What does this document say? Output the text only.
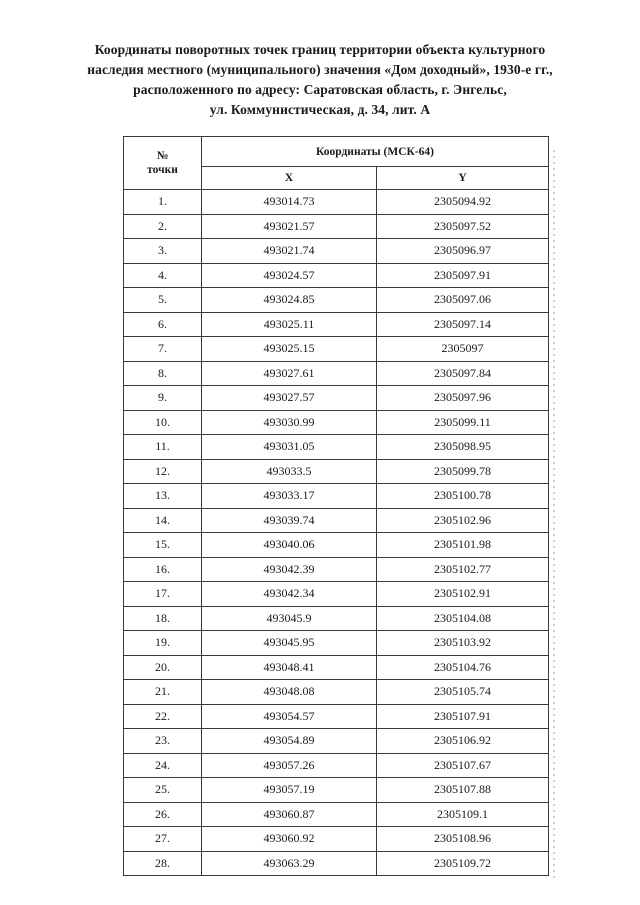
Координаты поворотных точек границ территории объекта культурного
наследия местного (муниципального) значения «Дом доходный», 1930-е гг.,
расположенного по адресу: Саратовская область, г. Энгельс,
ул. Коммунистическая, д. 34, лит. А
№
точки	Координаты (МСК-64)	
	X	Y
1.	493014.73	2305094.92
2.	493021.57	2305097.52
3.	493021.74	2305096.97
4.	493024.57	2305097.91
5.	493024.85	2305097.06
6.	493025.11	2305097.14
7.	493025.15	2305097
8.	493027.61	2305097.84
9.	493027.57	2305097.96
10.	493030.99	2305099.11
11.	493031.05	2305098.95
12.	493033.5	2305099.78
13.	493033.17	2305100.78
14.	493039.74	2305102.96
15.	493040.06	2305101.98
16.	493042.39	2305102.77
17.	493042.34	2305102.91
18.	493045.9	2305104.08
19.	493045.95	2305103.92
20.	493048.41	2305104.76
21.	493048.08	2305105.74
22.	493054.57	2305107.91
23.	493054.89	2305106.92
24.	493057.26	2305107.67
25.	493057.19	2305107.88
26.	493060.87	2305109.1
27.	493060.92	2305108.96
28.	493063.29	2305109.72
